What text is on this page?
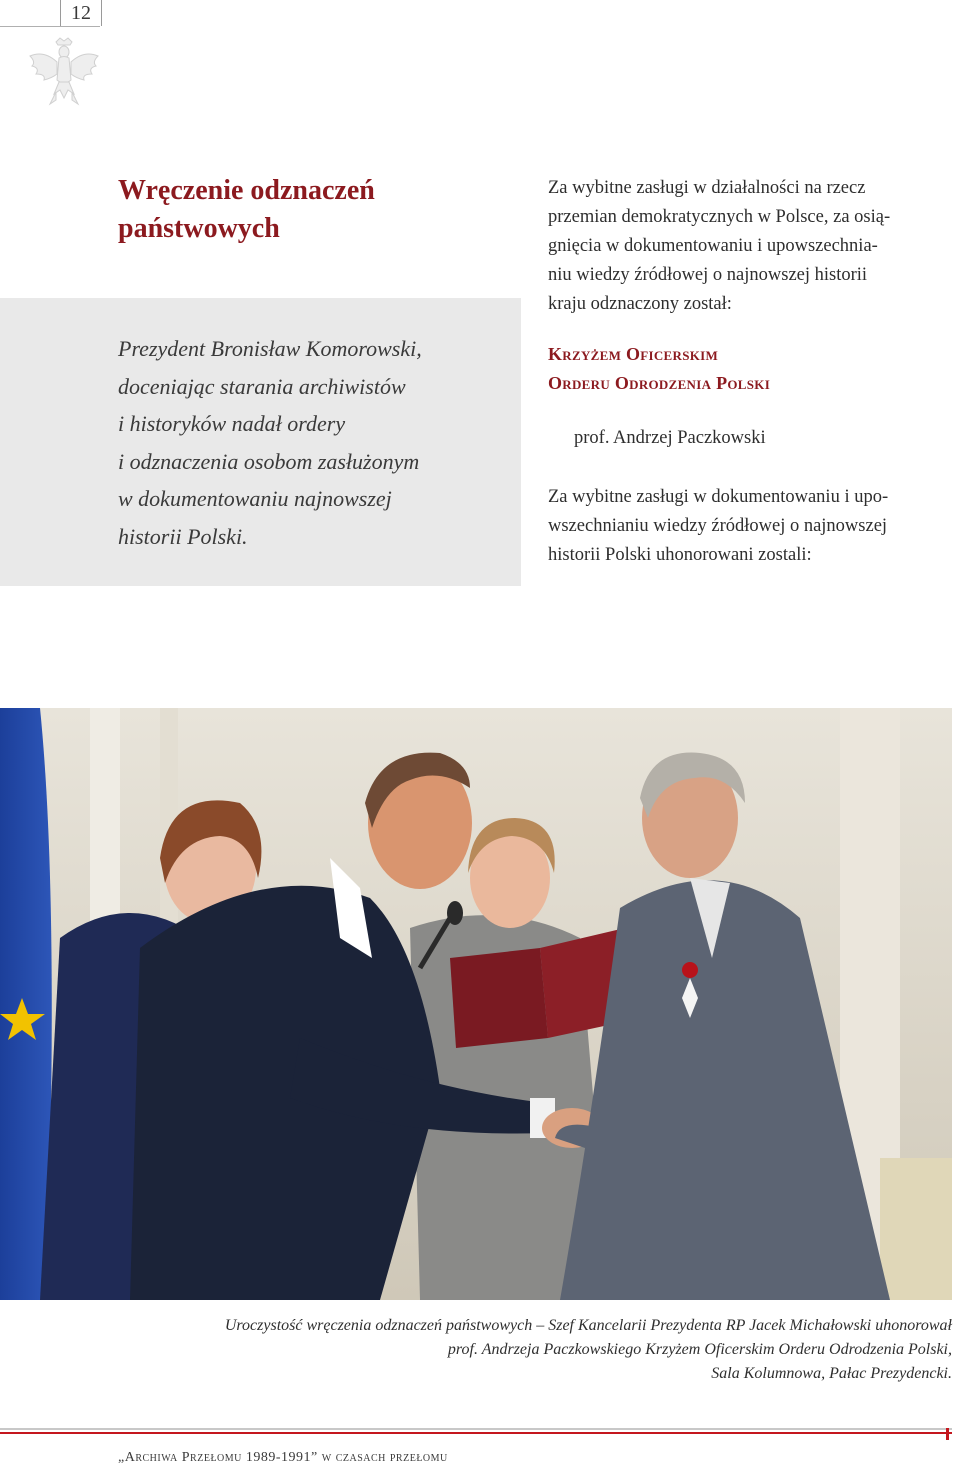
12
Wręczenie odznaczeń
państwowych
Prezydent Bronisław Komorowski,
doceniając starania archiwistów
i historyków nadał ordery
i odznaczenia osobom zasłużonym
w dokumentowaniu najnowszej
historii Polski.
Za wybitne zasługi w działalności na rzecz
przemian demokratycznych w Polsce, za osią-
gnięcia w dokumentowaniu i upowszechnia-
niu wiedzy źródłowej o najnowszej historii
kraju odznaczony został:
Krzyżem Oficerskim
Orderu Odrodzenia Polski
prof. Andrzej Paczkowski
Za wybitne zasługi w dokumentowaniu i upo-
wszechnianiu wiedzy źródłowej o najnowszej
historii Polski uhonorowani zostali:
Uroczystość wręczenia odznaczeń państwowych – Szef Kancelarii Prezydenta RP Jacek Michałowski uhonorował
prof. Andrzeja Paczkowskiego Krzyżem Oficerskim Orderu Odrodzenia Polski,
Sala Kolumnowa, Pałac Prezydencki.
„Archiwa Przełomu 1989-1991” w czasach przełomu
